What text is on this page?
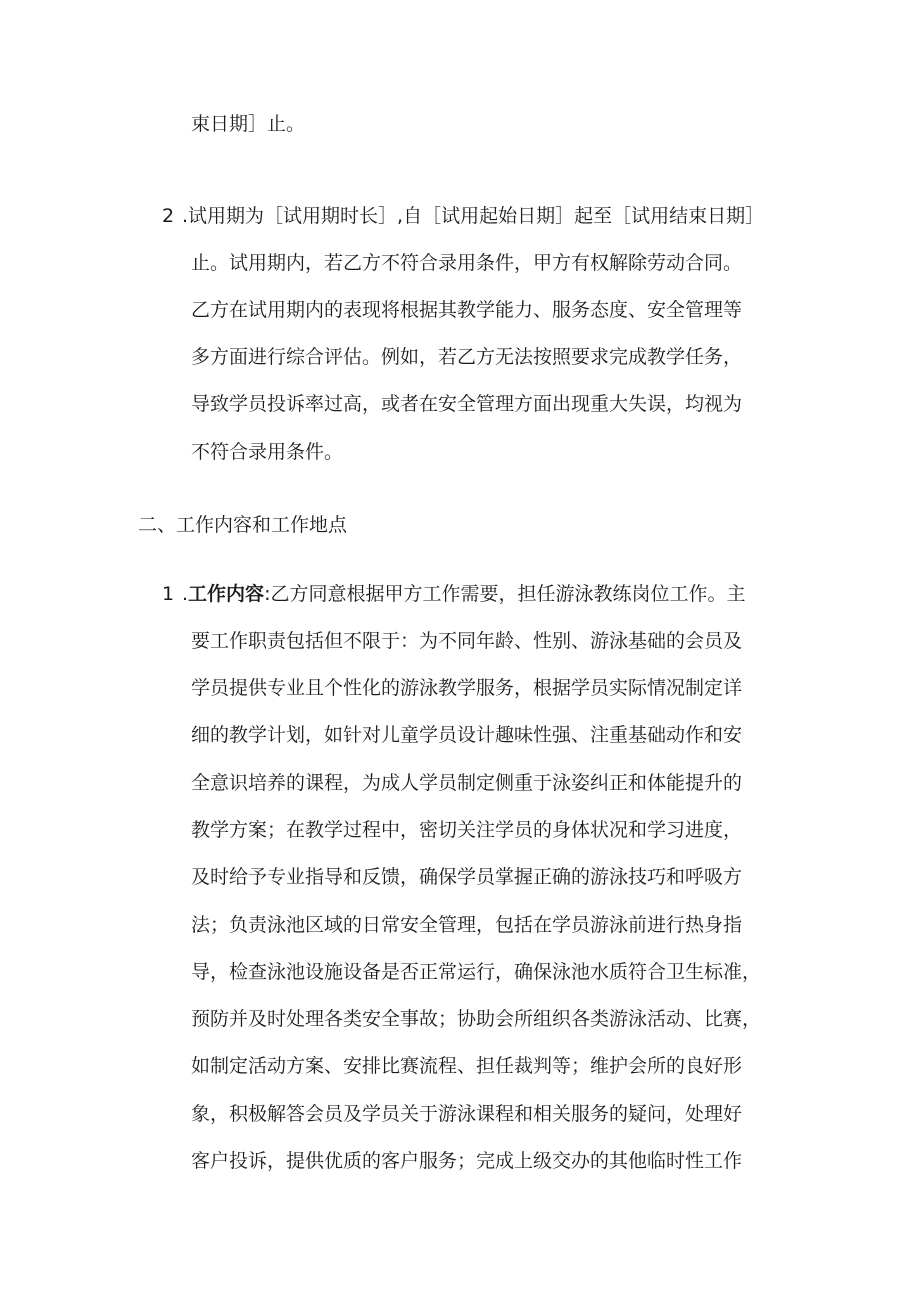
束日期］止。
2 .试用期为［试用期时长］,自［试用起始日期］起至［试用结束日期］
止。试用期内，若乙方不符合录用条件，甲方有权解除劳动合同。
乙方在试用期内的表现将根据其教学能力、服务态度、安全管理等
多方面进行综合评估。例如，若乙方无法按照要求完成教学任务，
导致学员投诉率过高，或者在安全管理方面出现重大失误，均视为
不符合录用条件。
二、工作内容和工作地点
1 .工作内容:乙方同意根据甲方工作需要，担任游泳教练岗位工作。主
要工作职责包括但不限于：为不同年龄、性别、游泳基础的会员及
学员提供专业且个性化的游泳教学服务，根据学员实际情况制定详
细的教学计划，如针对儿童学员设计趣味性强、注重基础动作和安
全意识培养的课程，为成人学员制定侧重于泳姿纠正和体能提升的
教学方案；在教学过程中，密切关注学员的身体状况和学习进度，
及时给予专业指导和反馈，确保学员掌握正确的游泳技巧和呼吸方
法；负责泳池区域的日常安全管理，包括在学员游泳前进行热身指
导，检查泳池设施设备是否正常运行，确保泳池水质符合卫生标准，
预防并及时处理各类安全事故；协助会所组织各类游泳活动、比赛，
如制定活动方案、安排比赛流程、担任裁判等；维护会所的良好形
象，积极解答会员及学员关于游泳课程和相关服务的疑问，处理好
客户投诉，提供优质的客户服务；完成上级交办的其他临时性工作
